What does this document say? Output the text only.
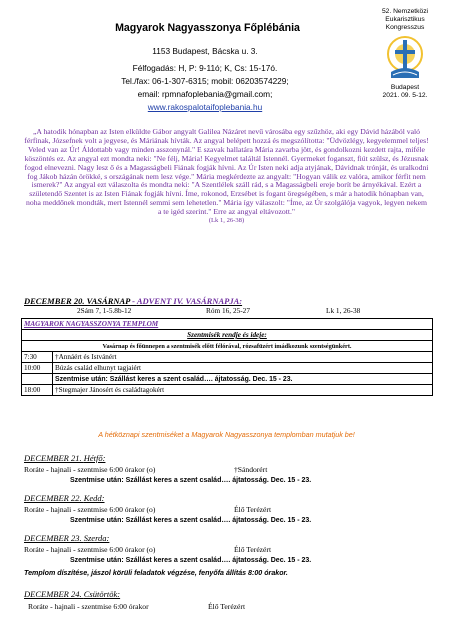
Magyarok Nagyasszonya Főplébánia
1153 Budapest, Bácska u. 3.
Félfogadás: H, P: 9-11ó; K, Cs: 15-17ó.
Tel./fax: 06-1-307-6315; mobil: 06203574229;
email: rpmnafoplebania@gmail.com;
www.rakospalotaifoplebania.hu
52. Nemzetközi
Eukarisztikus
Kongresszus
Budapest
2021. 09. 5-12.
„A hatodik hónapban az Isten elküldte Gábor angyalt Galilea Názáret nevű városába egy szűzhöz, aki egy Dávid házából való férfinak, Józsefnek volt a jegyese, és Máriának hívták. Az angyal belépett hozzá és megszólította: "Üdvözlégy, kegyelemmel teljes! Veled van az Úr! Áldottabb vagy minden asszonynál." E szavak hallatára Mária zavarba jött, és gondolkozni kezdett rajta, miféle köszöntés ez. Az angyal ezt mondta neki: "Ne félj, Mária! Kegyelmet találtál Istennél. Gyermeket foganszt, fiút szülsz, és Jézusnak fogod elnevezni. Nagy lesz ő és a Magasságbeli Fiának fogják hívni. Az Úr Isten neki adja atyjának, Dávidnak trónját, és uralkodni fog Jákob házán örökké, s országának nem lesz vége." Mária megkérdezte az angyalt: "Hogyan válik ez valóra, amikor férfit nem ismerek?" Az angyal ezt válaszolta és mondta neki: "A Szentlélek száll rád, s a Magasságbeli ereje borít be árnyékával. Ezért a születendő Szentet is az Isten Fiának fogják hívni. Íme, rokonod, Erzsébet is fogant öregségében, s már a hatodik hónapban van, noha meddőnek mondták, mert Istennél semmi sem lehetetlen." Mária így válaszolt: "Íme, az Úr szolgálója vagyok, legyen nekem a te igéd szerint." Erre az angyal eltávozott."
(Lk 1, 26-38)
DECEMBER 20. VASÁRNAP - ADVENT IV. VASÁRNAPJA:
2Sám 7, 1-5.8b-12	Róm 16, 25-27	Lk 1, 26-38
MAGYAROK NAGYASSZONYA TEMPLOM	
Szentmisék rendje és ideje:	
Vasárnap és főünnepen a szentmisék előtt félórával, rózsafüzért imádkozunk szentségünkért.	
7:30	†Annáért és Istvánért
10:00	Búzás család elhunyt tagjaiért
	Szentmise után: Szállást keres a szent család…. ájtatosság. Dec. 15 - 23.
18:00	†Stegmajer Jánosért és családtagokért
A hétköznapi szentmiséket a Magyarok Nagyasszonya templomban mutatjuk be!
DECEMBER 21. Hétfő:
Roráte - hajnali - szentmise 6:00 órakor (o)	†Sándorért
Szentmise után: Szállást keres a szent család…. ájtatosság. Dec. 15 - 23.
DECEMBER 22. Kedd:
Roráte - hajnali - szentmise 6:00 órakor (o)	Élő Terézért
Szentmise után: Szállást keres a szent család…. ájtatosság. Dec. 15 - 23.
DECEMBER 23. Szerda:
Roráte - hajnali - szentmise 6:00 órakor (o)	Élő Terézért
Szentmise után: Szállást keres a szent család…. ájtatosság. Dec. 15 - 23.
Templom díszítése, jászol körüli feladatok végzése, fenyőfa állítás 8:00 órakor.
DECEMBER 24. Csütörtök:
Roráte - hajnali - szentmise 6:00 órakor	Élő Terézért
